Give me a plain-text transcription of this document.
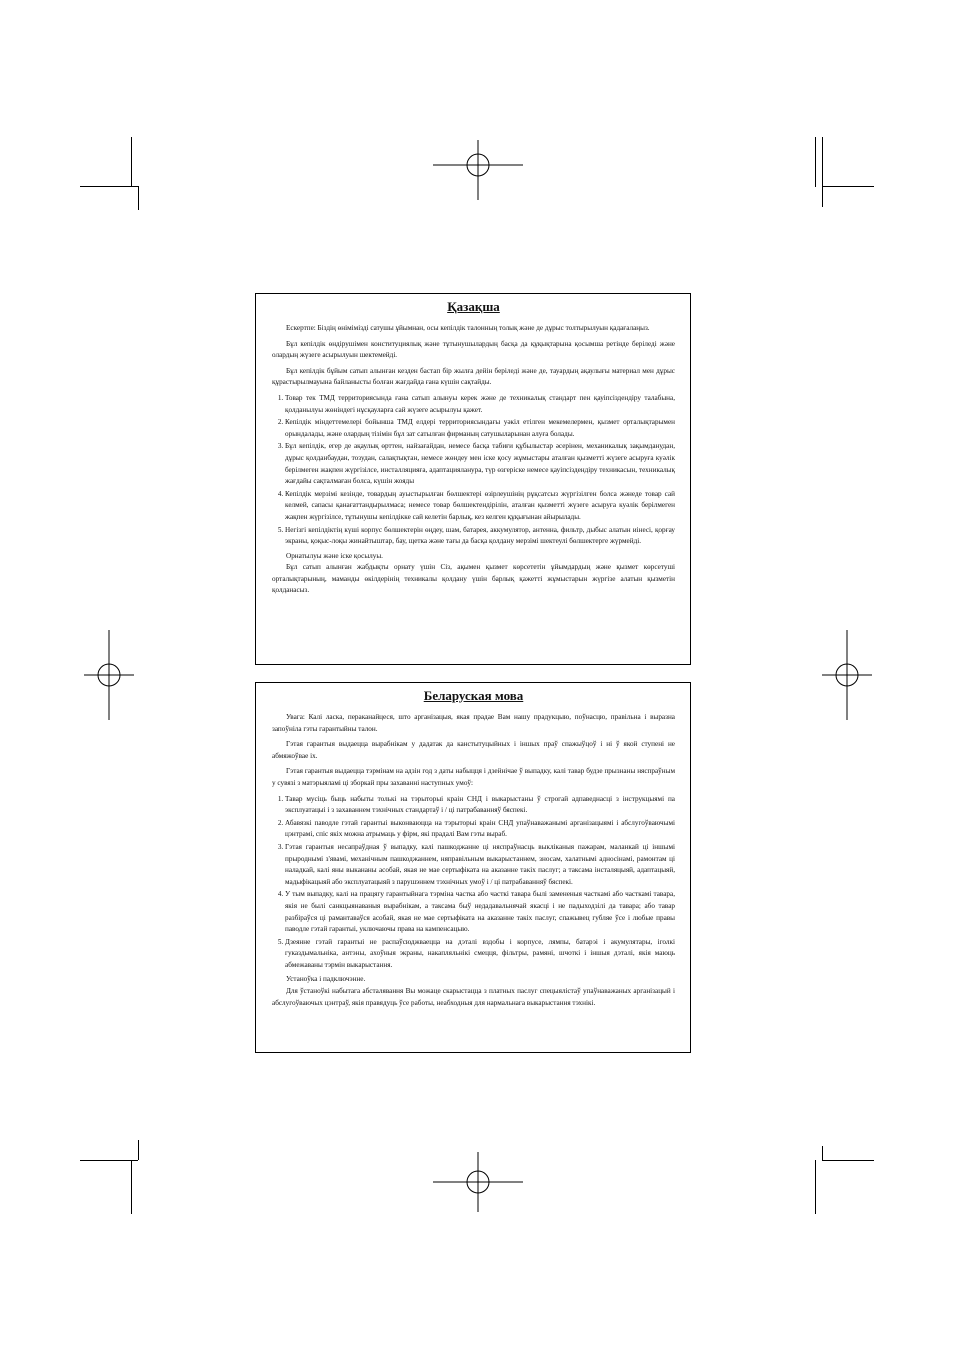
Қазақша

Ескертпе: Біздің өнімімізді сатушы ұйымнан, осы кепілдік талонның толық және де дұрыс толтырылуын қадағалаңыз.

Бұл кепілдік өндірушімен конституциялық және тұтынушылардың басқа да құқықтарына қосымша ретінде беріледі және олардың жүзеге асырылуын шектемейді.

Бұл кепілдік бұйым сатып алынған кезден бастап бір жылға дейін беріледі және де, тауардың ақаулығы материал мен дұрыс құрастырылмауына байланысты болған жағдайда ғана күшін сақтайды.

1. Товар тек ТМД территориясында ғана сатып алынуы керек және де техникалық стандарт пен қауіпсіздендіру талабына, қолданылуы жөніндегі нұсқауларға сай жүзеге асырылуы қажет.
2. Кепілдік міндеттемелері бойынша ТМД елдері территориясындағы уәкіл етілген мекемелермен, қызмет орталықтарымен орындалады, және олардың тізімін бұл зат сатылған фирманың сатушыларынан алуға болады.
3. Бұл кепілдік, егер де ақаулық өрттен, найзағайдан, немесе басқа табиғи құбылыстар әсерінен, механикалық зақымданудан, дұрыс қолданбаудан, тозудан, салақтықтан, немесе жөндеу мен іске қосу жұмыстары аталған қызметті жүзеге асыруға куәлік берілмеген жақпен жүргізілсе, инсталляцияға, адаптацияланура, түр өзгеріске немесе қауіпсіздендіру техникасын, техникалық жағдайы сақталмаған болса, күшін жояды
4. Кепілдік мерзімі кезінде, товардың ауыстырылған бөлшектері өзірлеушінің рұқсатсыз жүргізілген болса жәнеде товар сай келмей, сапасы қанағаттандырылмаса; немесе товар бөлшектендірілін, аталған қызметті жүзеге асыруға куәлік берілмеген жақпен жүргізілсе, тұтынушы кепілдікке сай келетін барлық, кез келген құқығынан айырылады.
5. Негізгі кепілдіктің күші корпус бөлшектерін өңдеу, шам, батарея, аккумулятор, антенна, фильтр, дыбыс алатын иінесі, қорғау экраны, қоқыс-лоқы жинайтыштар, бау, щетка және тағы да басқа қолдану мерзімі шектеулі бөлшектерге жүрмейді.

Орнатылуы және іске қосылуы.

Бұл сатып алынған жабдықты орнату үшін Сіз, ақымен қызмет көрсететін ұйымдардың және қызмет көрсетуші орталықтарының, маманды өкілдерінің техникалы қолдану үшін барлық қажетті жұмыстарын жүргізе алатын қызметін қолданасыз.

Беларуская мова

Увага: Калі ласка, пераканайцеся, што арганізацыя, якая прадае Вам нашу прадукцыю, поўнасцю, правільна і выразна запоўніла гэты гарантыйны талон.

Гэтая гарантыя выдаецца вырабнікам у дадатак да канстытуцыйных і іншых праў спажыўцоў і ні ў якой ступені не абмяжоўвае іх.

Гэтая гарантыя выдаецца тэрмінам на адзін год з даты набыцця і дзейнічае ў выпадку, калі тавар будзе прызнаны няспраўным у сувязі з матэрыяламі ці зборкай пры захаванні наступных умоў:

1. Тавар мусіць быць набыты толькі на тэрыторыі краін СНД і выкарыстаны ў строгай адпаведнасці з інструкцыямі па эксплуатацыі і з захаваннем тэхнічных стандартаў і / ці патрабаванняў бяспекі.
2. Абавязкі паводле гэтай гарантыі выконваюцца на тэрыторыі краін СНД упаўнаважанымі арганізацыямі і абслугоўваючымі цэнтрамі, спіс якіх можна атрымаць у фірм, якi прадалi Вам гэты выраб.
3. Гэтая гарантыя несапраўдная ў выпадку, калі пашкоджанне ці няспраўнасць выкліканыя пажарам, маланкай ці іншымі прыроднымі з'явамі, механічным пашкоджаннем, няправільным выкарыстаннем, зносам, халатнымі адносінамі, рамонтам ці наладкай, калі яны выкананы асобай, якая не мае сертыфіката на аказанне такіх паслуг; а таксама інсталяцыяй, адаптацыяй, мадыфікацыяй або эксплуатацыяй з парушэннем тэхнічных умоў і / ці патрабаванняў бяспекі.
4. У тым выпадку, калі на працягу гарантыйнага тэрміна частка або часткі тавара былі замененыя часткамі або часткамі тавара, якія не былі санкцыянаваныя вырабнікам, а таксама быў недадавальнячай якасці і не падыходзілі да тавара; або тавар разбіраўся ці рамантаваўся асобай, якая не мае сертыфіката на аказанне такіх паслуг, спажывец губляе ўсе і любые правы паводле гэтай гарантыі, уключаючы права на кампенсацыю.
5. Дзеянне гэтай гарантыі не распаўсюджваецца на дэталі вздобы і корпусе, лямпы, батарэі і акумулятары, іголкі гуказдымальніка, антэны, ахоўныя экраны, накапляльнікі смецця, фільтры, рамяні, шчоткі і іншыя дэталі, якія маюць абмежаваны тэрмін выкарыстання.

Устаноўка і падключэнне.

Для ўстаноўкі набытага абсталявання Вы можаце скарыстацца з платных паслуг спецыялістаў упаўнаважаных арганізацый і абслугоўваючых цэнтраў, якія правядуць ўсе работы, неабходныя для нармальнага выкарыстання тэхнікі.
